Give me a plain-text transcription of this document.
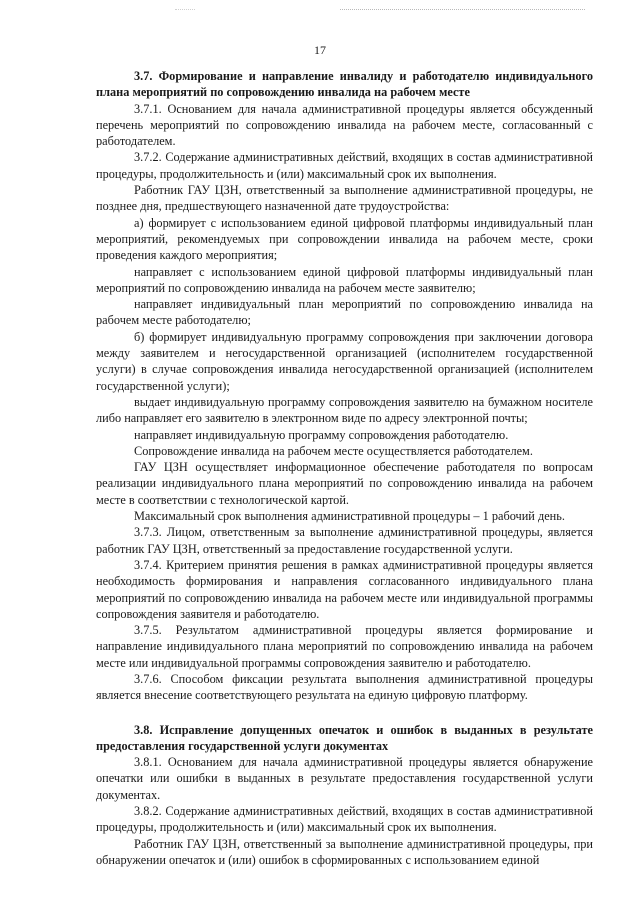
17

3.7. Формирование и направление инвалиду и работодателю индивидуального плана мероприятий по сопровождению инвалида на рабочем месте

3.7.1. Основанием для начала административной процедуры является обсужденный перечень мероприятий по сопровождению инвалида на рабочем месте, согласованный с работодателем.

3.7.2. Содержание административных действий, входящих в состав административной процедуры, продолжительность и (или) максимальный срок их выполнения.

Работник ГАУ ЦЗН, ответственный за выполнение административной процедуры, не позднее дня, предшествующего назначенной дате трудоустройства:

а) формирует с использованием единой цифровой платформы индивидуальный план мероприятий, рекомендуемых при сопровождении инвалида на рабочем месте, сроки проведения каждого мероприятия;

направляет с использованием единой цифровой платформы индивидуальный план мероприятий по сопровождению инвалида на рабочем месте заявителю;

направляет индивидуальный план мероприятий по сопровождению инвалида на рабочем месте работодателю;

б) формирует индивидуальную программу сопровождения при заключении договора между заявителем и негосударственной организацией (исполнителем государственной услуги) в случае сопровождения инвалида негосударственной организацией (исполнителем государственной услуги);

выдает индивидуальную программу сопровождения заявителю на бумажном носителе либо направляет его заявителю в электронном виде по адресу электронной почты;

направляет индивидуальную программу сопровождения работодателю.

Сопровождение инвалида на рабочем месте осуществляется работодателем.

ГАУ ЦЗН осуществляет информационное обеспечение работодателя по вопросам реализации индивидуального плана мероприятий по сопровождению инвалида на рабочем месте в соответствии с технологической картой.

Максимальный срок выполнения административной процедуры – 1 рабочий день.

3.7.3. Лицом, ответственным за выполнение административной процедуры, является работник ГАУ ЦЗН, ответственный за предоставление государственной услуги.

3.7.4. Критерием принятия решения в рамках административной процедуры является необходимость формирования и направления согласованного индивидуального плана мероприятий по сопровождению инвалида на рабочем месте или индивидуальной программы сопровождения заявителя и работодателю.

3.7.5. Результатом административной процедуры является формирование и направление индивидуального плана мероприятий по сопровождению инвалида на рабочем месте или индивидуальной программы сопровождения заявителю и работодателю.

3.7.6. Способом фиксации результата выполнения административной процедуры является внесение соответствующего результата на единую цифровую платформу.

3.8. Исправление допущенных опечаток и ошибок в выданных в результате предоставления государственной услуги документах

3.8.1. Основанием для начала административной процедуры является обнаружение опечатки или ошибки в выданных в результате предоставления государственной услуги документах.

3.8.2. Содержание административных действий, входящих в состав административной процедуры, продолжительность и (или) максимальный срок их выполнения.

Работник ГАУ ЦЗН, ответственный за выполнение административной процедуры, при обнаружении опечаток и (или) ошибок в сформированных с использованием единой
